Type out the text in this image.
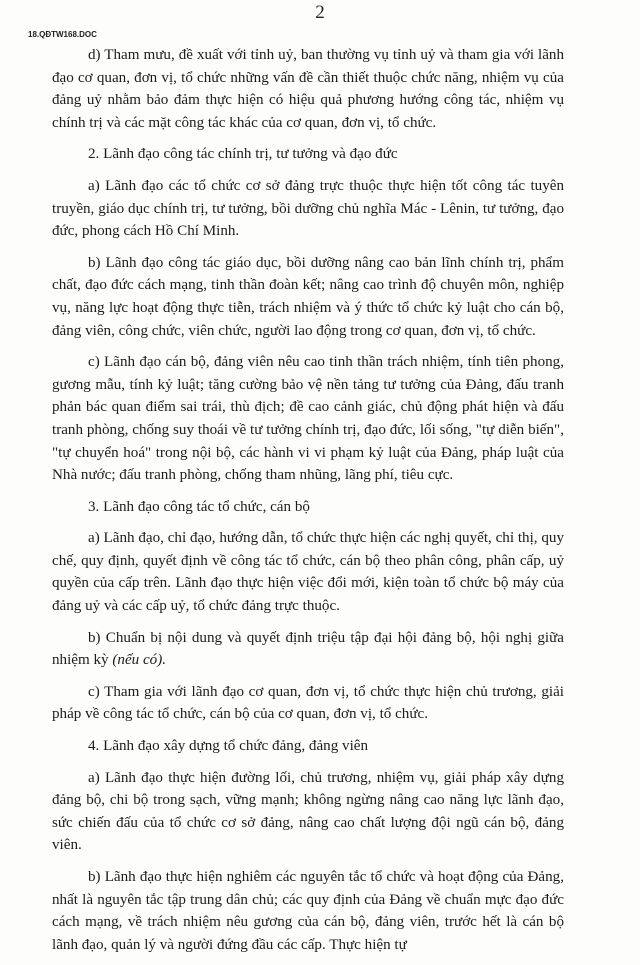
2
18.QĐTW168.DOC

d) Tham mưu, đề xuất với tỉnh uỷ, ban thường vụ tỉnh uỷ và tham gia với lãnh đạo cơ quan, đơn vị, tổ chức những vấn đề cần thiết thuộc chức năng, nhiệm vụ của đảng uỷ nhằm bảo đảm thực hiện có hiệu quả phương hướng công tác, nhiệm vụ chính trị và các mặt công tác khác của cơ quan, đơn vị, tổ chức.

2. Lãnh đạo công tác chính trị, tư tưởng và đạo đức

a) Lãnh đạo các tổ chức cơ sở đảng trực thuộc thực hiện tốt công tác tuyên truyền, giáo dục chính trị, tư tưởng, bồi dưỡng chủ nghĩa Mác - Lênin, tư tưởng, đạo đức, phong cách Hồ Chí Minh.

b) Lãnh đạo công tác giáo dục, bồi dưỡng nâng cao bản lĩnh chính trị, phẩm chất, đạo đức cách mạng, tinh thần đoàn kết; nâng cao trình độ chuyên môn, nghiệp vụ, năng lực hoạt động thực tiễn, trách nhiệm và ý thức tổ chức kỷ luật cho cán bộ, đảng viên, công chức, viên chức, người lao động trong cơ quan, đơn vị, tổ chức.

c) Lãnh đạo cán bộ, đảng viên nêu cao tinh thần trách nhiệm, tính tiên phong, gương mẫu, tính kỷ luật; tăng cường bảo vệ nền tảng tư tưởng của Đảng, đấu tranh phản bác quan điểm sai trái, thù địch; đề cao cảnh giác, chủ động phát hiện và đấu tranh phòng, chống suy thoái về tư tưởng chính trị, đạo đức, lối sống, "tự diễn biến", "tự chuyển hoá" trong nội bộ, các hành vi vi phạm kỷ luật của Đảng, pháp luật của Nhà nước; đấu tranh phòng, chống tham nhũng, lãng phí, tiêu cực.

3. Lãnh đạo công tác tổ chức, cán bộ

a) Lãnh đạo, chỉ đạo, hướng dẫn, tổ chức thực hiện các nghị quyết, chỉ thị, quy chế, quy định, quyết định về công tác tổ chức, cán bộ theo phân công, phân cấp, uỷ quyền của cấp trên. Lãnh đạo thực hiện việc đổi mới, kiện toàn tổ chức bộ máy của đảng uỷ và các cấp uỷ, tổ chức đảng trực thuộc.

b) Chuẩn bị nội dung và quyết định triệu tập đại hội đảng bộ, hội nghị giữa nhiệm kỳ (nếu có).

c) Tham gia với lãnh đạo cơ quan, đơn vị, tổ chức thực hiện chủ trương, giải pháp về công tác tổ chức, cán bộ của cơ quan, đơn vị, tổ chức.

4. Lãnh đạo xây dựng tổ chức đảng, đảng viên

a) Lãnh đạo thực hiện đường lối, chủ trương, nhiệm vụ, giải pháp xây dựng đảng bộ, chi bộ trong sạch, vững mạnh; không ngừng nâng cao năng lực lãnh đạo, sức chiến đấu của tổ chức cơ sở đảng, nâng cao chất lượng đội ngũ cán bộ, đảng viên.

b) Lãnh đạo thực hiện nghiêm các nguyên tắc tổ chức và hoạt động của Đảng, nhất là nguyên tắc tập trung dân chủ; các quy định của Đảng về chuẩn mực đạo đức cách mạng, về trách nhiệm nêu gương của cán bộ, đảng viên, trước hết là cán bộ lãnh đạo, quản lý và người đứng đầu các cấp. Thực hiện tự
